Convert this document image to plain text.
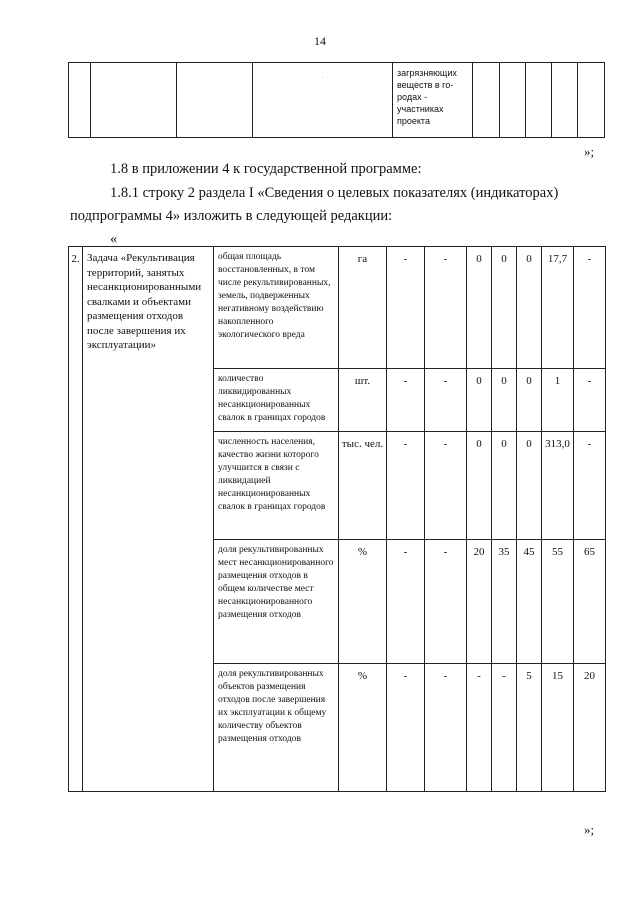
14

·	загрязняющих веществ в го-родах - участниках проекта					
»;
1.8 в приложении 4 к государственной программе:
1.8.1 строку 2 раздела I «Сведения о целевых показателях (индикаторах)
подпрограммы 4» изложить в следующей редакции:
«
2.	Задача «Рекультивация территорий, занятых несанкционированными свалками и объектами размещения отходов после завершения их эксплуатации»	общая площадь восстановленных, в том числе рекультивированных, земель, подверженных негативному воздействию накопленного экологического вреда	га	-	-	0	0	0	17,7	-
		количество ликвидированных несанкционированных свалок в границах городов	шт.	-	-	0	0	0	1	-
		численность населения, качество жизни которого улучшится в связи с ликвидацией несанкционированных свалок в границах городов	тыс. чел.	-	-	0	0	0	313,0	-
		доля рекультивированных мест несанкционированного размещения отходов в общем количестве мест несанкционированного размещения отходов	%	-	-	20	35	45	55	65
		доля рекультивированных объектов размещения отходов после завершения их эксплуатации к общему количеству объектов размещения отходов	%	-	-	-	-	5	15	20
»;
